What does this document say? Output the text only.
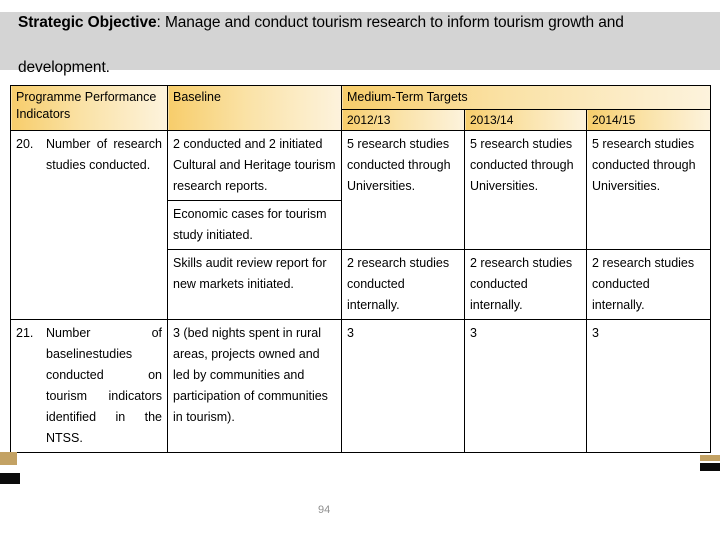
Strategic Objective: Manage and conduct tourism research to inform tourism growth and development.
Programme Performance Indicators	Baseline	Medium-Term Targets		
		2012/13	2013/14	2014/15

20. Number of research studies conducted.	2 conducted and 2 initiated Cultural and Heritage tourism research reports.	5 research studies conducted through Universities.	5 research studies conducted through Universities.	5 research studies conducted through Universities.
	Economic cases for tourism study initiated.			
	Skills audit review report for new markets initiated.	2 research studies conducted internally.	2 research studies conducted internally.	2 research studies conducted internally.

21. Number of baselinestudies conducted on tourism indicators identified in the NTSS.	3 (bed nights spent in rural areas, projects owned and led by communities and participation of communities in tourism).	3	3	3
94
